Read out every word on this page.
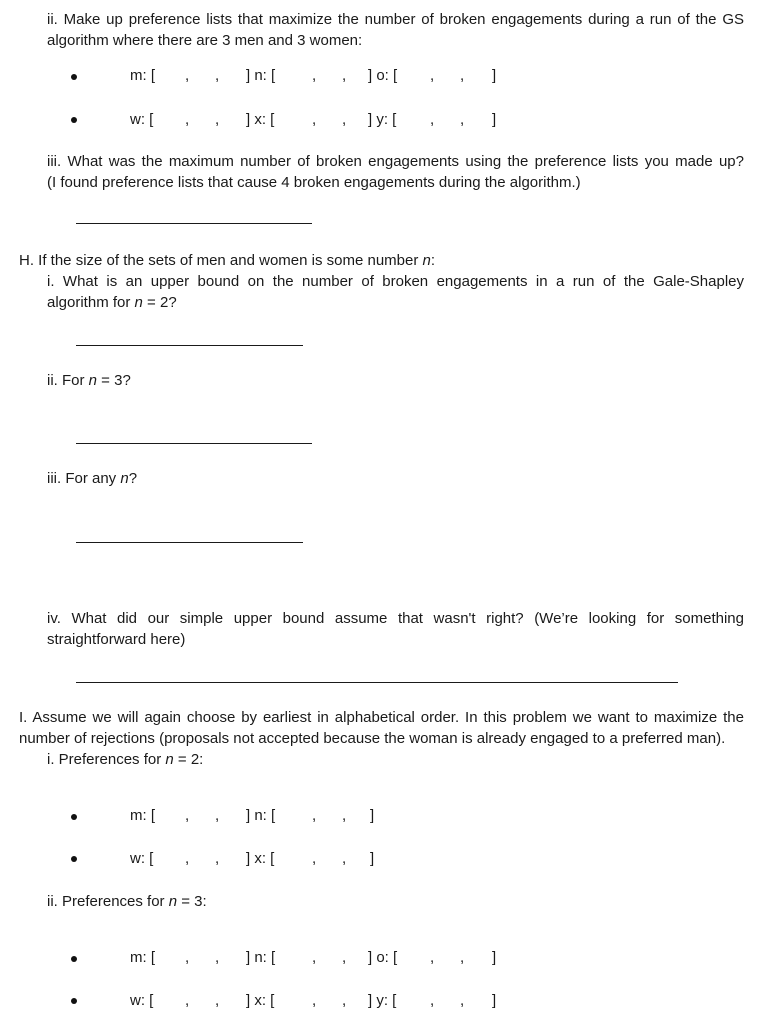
ii. Make up preference lists that maximize the number of broken engagements during a run of the GS
algorithm where there are 3 men and 3 women:
m: [ , , ] n: [ , , ] o: [ , , ]
w: [ , , ] x: [	, , ] y: [ , , ]
iii. What was the maximum number of broken engagements using the preference lists you made up?
(I found preference lists that cause 4 broken engagements during the algorithm.)
H. If the size of the sets of men and women is some number n:
i. What is an upper bound on the number of broken engagements in a run of the Gale-Shapley
algorithm for n = 2?
ii. For n = 3?
iii. For any n?
iv. What did our simple upper bound assume that wasn't right? (We’re looking for something
straightforward here)
I. Assume we will again choose by earliest in alphabetical order. In this problem we want to maximize the
number of rejections (proposals not accepted because the woman is already engaged to a preferred man).
i. Preferences for n = 2:
m: [ , , ] n: [ , , ]
w: [ , , ] x: [	, , ]
ii. Preferences for n = 3:
m: [ , , ] n: [ , , ] o: [ , , ]
w: [ , , ] x: [	, , ] y: [ , , ]
